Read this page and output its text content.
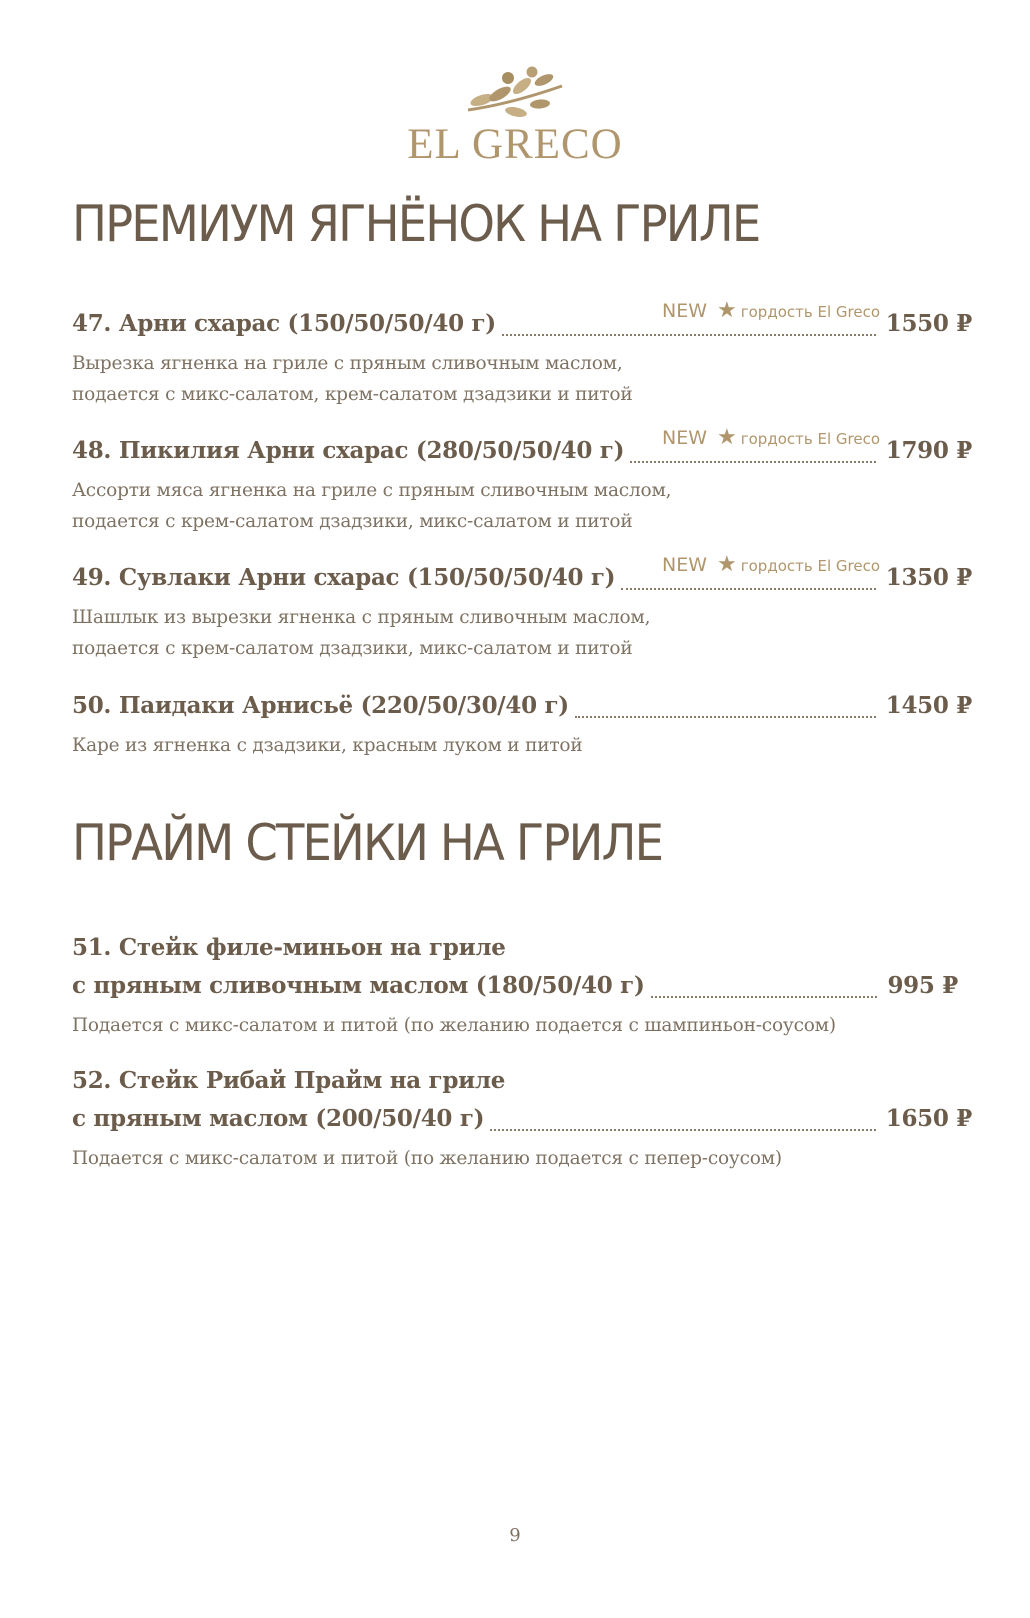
EL GRECO
ПРЕМИУМ ЯГНЁНОК НА ГРИЛЕ
47. Арни схарас (150/50/50/40 г)	1550 ₽
NEW ★ гордость El Greco
Вырезка ягненка на гриле с пряным сливочным маслом,
подается с микс-салатом, крем-салатом дзадзики и питой
48. Пикилия Арни схарас (280/50/50/40 г)	1790 ₽
NEW ★ гордость El Greco
Ассорти мяса ягненка на гриле с пряным сливочным маслом,
подается с крем-салатом дзадзики, микс-салатом и питой
49. Сувлаки Арни схарас (150/50/50/40 г)	1350 ₽
NEW ★ гордость El Greco
Шашлык из вырезки ягненка с пряным сливочным маслом,
подается с крем-салатом дзадзики, микс-салатом и питой
50. Паидаки Арнисьё (220/50/30/40 г)	1450 ₽
Каре из ягненка с дзадзики, красным луком и питой
ПРАЙМ СТЕЙКИ НА ГРИЛЕ
51. Стейк филе-миньон на гриле
с пряным сливочным маслом (180/50/40 г)	995 ₽
Подается с микс-салатом и питой (по желанию подается с шампиньон-соусом)
52. Стейк Рибай Прайм на гриле
с пряным маслом (200/50/40 г)	1650 ₽
Подается с микс-салатом и питой (по желанию подается с пепер-соусом)
9
